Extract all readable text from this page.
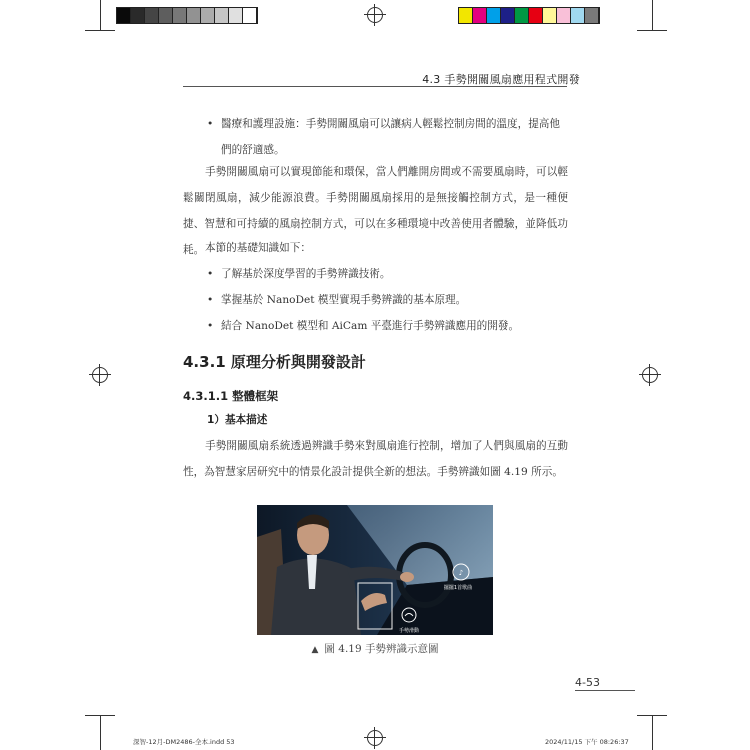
4.3 手勢開關風扇應用程式開發
• 醫療和護理設施：手勢開關風扇可以讓病人輕鬆控制房間的溫度，提高他們的舒適感。
手勢開關風扇可以實現節能和環保，當人們離開房間或不需要風扇時，可以輕鬆關閉風扇，減少能源浪費。手勢開關風扇採用的是無接觸控制方式，是一種便捷、智慧和可持續的風扇控制方式，可以在多種環境中改善使用者體驗，並降低功耗。 本節的基礎知識如下：
• 了解基於深度學習的手勢辨識技術。
• 掌握基於 NanoDet 模型實現手勢辨識的基本原理。
• 結合 NanoDet 模型和 AiCam 平臺進行手勢辨識應用的開發。
4.3.1 原理分析與開發設計
4.3.1.1 整體框架
1）基本描述
手勢開關風扇系統透過辨識手勢來對風扇進行控制，增加了人們與風扇的互動性，為智慧家居研究中的情景化設計提供全新的想法。手勢辨識如圖 4.19 所示。
♪
擺擺1首歌曲
手勢滑動
▲ 圖 4.19 手勢辨識示意圖
4-53
深智-12月-DM2486-全本.indd 53	2024/11/15 下午 08:26:37
